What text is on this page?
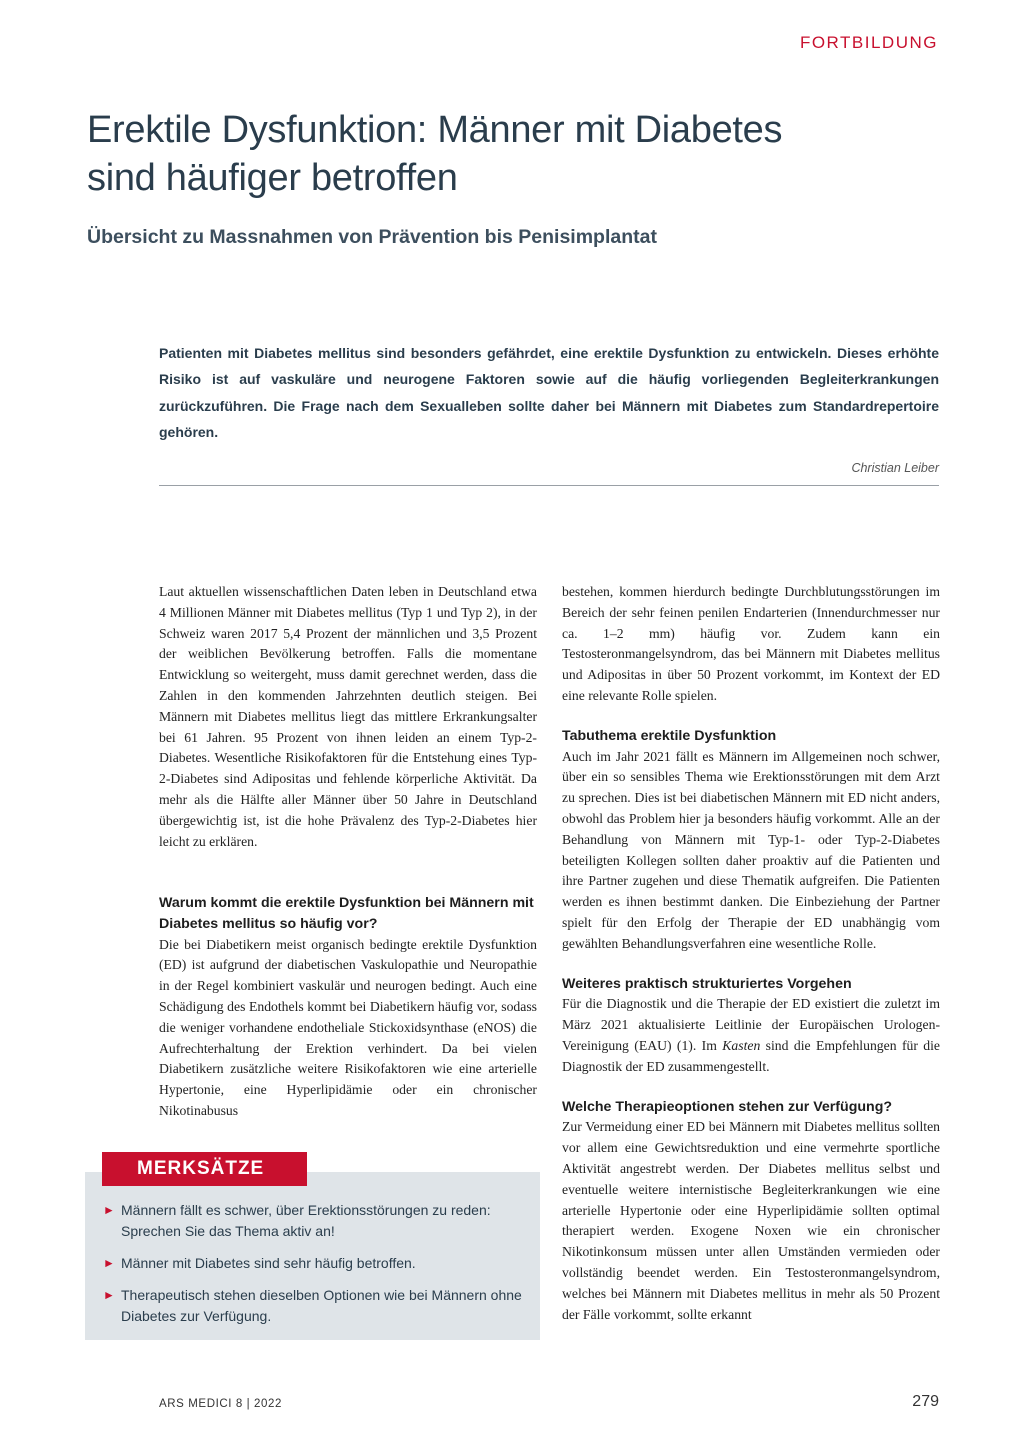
FORTBILDUNG
Erektile Dysfunktion: Männer mit Diabetes
sind häufiger betroffen
Übersicht zu Massnahmen von Prävention bis Penisimplantat

Patienten mit Diabetes mellitus sind besonders gefährdet, eine erektile Dysfunktion zu entwickeln. Dieses erhöhte Risiko ist auf vaskuläre und neurogene Faktoren sowie auf die häufig vorliegenden Begleiterkrankungen zurückzuführen. Die Frage nach dem Sexualleben sollte daher bei Männern mit Diabetes zum Standardrepertoire gehören.

Christian Leiber

Laut aktuellen wissenschaftlichen Daten leben in Deutschland etwa 4 Millionen Männer mit Diabetes mellitus (Typ 1 und Typ 2), in der Schweiz waren 2017 5,4 Prozent der männlichen und 3,5 Prozent der weiblichen Bevölkerung betroffen. Falls die momentane Entwicklung so weitergeht, muss damit gerechnet werden, dass die Zahlen in den kommenden Jahrzehnten deutlich steigen. Bei Männern mit Diabetes mellitus liegt das mittlere Erkrankungsalter bei 61 Jahren. 95 Prozent von ihnen leiden an einem Typ-2-Diabetes. Wesentliche Risikofaktoren für die Entstehung eines Typ-2-Diabetes sind Adipositas und fehlende körperliche Aktivität. Da mehr als die Hälfte aller Männer über 50 Jahre in Deutschland übergewichtig ist, ist die hohe Prävalenz des Typ-2-Diabetes hier leicht zu erklären.

Warum kommt die erektile Dysfunktion bei Männern mit Diabetes mellitus so häufig vor?

Die bei Diabetikern meist organisch bedingte erektile Dysfunktion (ED) ist aufgrund der diabetischen Vaskulopathie und Neuropathie in der Regel kombiniert vaskulär und neurogen bedingt. Auch eine Schädigung des Endothels kommt bei Diabetikern häufig vor, sodass die weniger vorhandene endotheliale Stickoxidsynthase (eNOS) die Aufrechterhaltung der Erektion verhindert. Da bei vielen Diabetikern zusätzliche weitere Risikofaktoren wie eine arterielle Hypertonie, eine Hyperlipidämie oder ein chronischer Nikotinabusus

bestehen, kommen hierdurch bedingte Durchblutungsstörungen im Bereich der sehr feinen penilen Endarterien (Innendurchmesser nur ca. 1–2 mm) häufig vor. Zudem kann ein Testosteronmangelsyndrom, das bei Männern mit Diabetes mellitus und Adipositas in über 50 Prozent vorkommt, im Kontext der ED eine relevante Rolle spielen.

Tabuthema erektile Dysfunktion

Auch im Jahr 2021 fällt es Männern im Allgemeinen noch schwer, über ein so sensibles Thema wie Erektionsstörungen mit dem Arzt zu sprechen. Dies ist bei diabetischen Männern mit ED nicht anders, obwohl das Problem hier ja besonders häufig vorkommt. Alle an der Behandlung von Männern mit Typ-1- oder Typ-2-Diabetes beteiligten Kollegen sollten daher proaktiv auf die Patienten und ihre Partner zugehen und diese Thematik aufgreifen. Die Patienten werden es ihnen bestimmt danken. Die Einbeziehung der Partner spielt für den Erfolg der Therapie der ED unabhängig vom gewählten Behandlungsverfahren eine wesentliche Rolle.

Weiteres praktisch strukturiertes Vorgehen

Für die Diagnostik und die Therapie der ED existiert die zuletzt im März 2021 aktualisierte Leitlinie der Europäischen Urologen-Vereinigung (EAU) (1). Im Kasten sind die Empfehlungen für die Diagnostik der ED zusammengestellt.

Welche Therapieoptionen stehen zur Verfügung?

Zur Vermeidung einer ED bei Männern mit Diabetes mellitus sollten vor allem eine Gewichtsreduktion und eine vermehrte sportliche Aktivität angestrebt werden. Der Diabetes mellitus selbst und eventuelle weitere internistische Begleiterkrankungen wie eine arterielle Hypertonie oder eine Hyperlipidämie sollten optimal therapiert werden. Exogene Noxen wie ein chronischer Nikotinkonsum müssen unter allen Umständen vermieden oder vollständig beendet werden. Ein Testosteronmangelsyndrom, welches bei Männern mit Diabetes mellitus in mehr als 50 Prozent der Fälle vorkommt, sollte erkannt

MERKSÄTZE
► Männern fällt es schwer, über Erektionsstörungen zu reden: Sprechen Sie das Thema aktiv an!
► Männer mit Diabetes sind sehr häufig betroffen.
► Therapeutisch stehen dieselben Optionen wie bei Männern ohne Diabetes zur Verfügung.
ARS MEDICI 8 | 2022	279
